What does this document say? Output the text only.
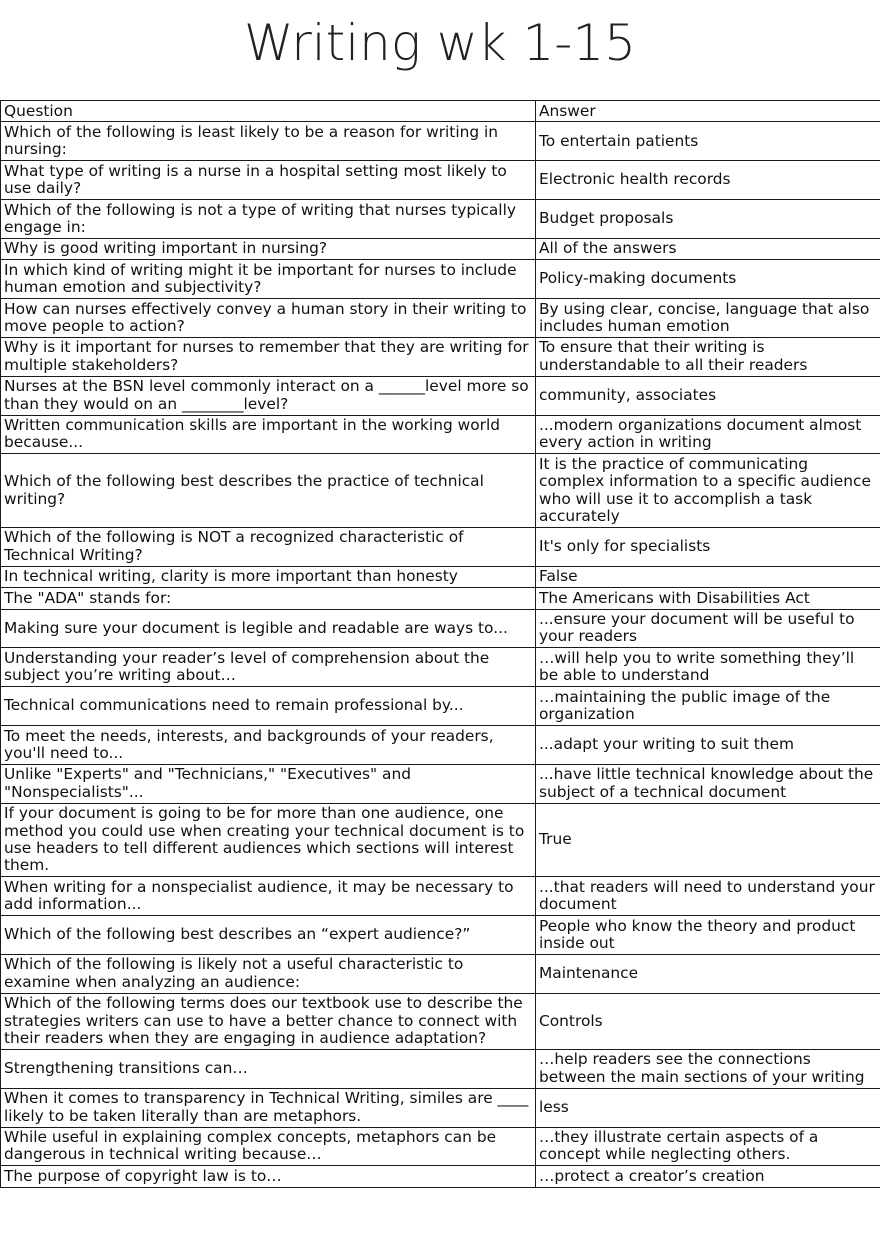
Writing wk 1-15
Question	Answer
Which of the following is least likely to be a reason for writing in nursing:	To entertain patients
What type of writing is a nurse in a hospital setting most likely to use daily?	Electronic health records
Which of the following is not a type of writing that nurses typically engage in:	Budget proposals
Why is good writing important in nursing?	All of the answers
In which kind of writing might it be important for nurses to include human emotion and subjectivity?	Policy-making documents
How can nurses effectively convey a human story in their writing to move people to action?	By using clear, concise, language that also includes human emotion
Why is it important for nurses to remember that they are writing for multiple stakeholders?	To ensure that their writing is understandable to all their readers
Nurses at the BSN level commonly interact on a ______level more so than they would on an ________level?	community, associates
Written communication skills are important in the working world because...	...modern organizations document almost every action in writing
Which of the following best describes the practice of technical writing?	It is the practice of communicating complex information to a specific audience who will use it to accomplish a task accurately
Which of the following is NOT a recognized characteristic of Technical Writing?	It's only for specialists
In technical writing, clarity is more important than honesty	False
The "ADA" stands for:	The Americans with Disabilities Act
Making sure your document is legible and readable are ways to...	...ensure your document will be useful to your readers
Understanding your reader’s level of comprehension about the subject you’re writing about…	…will help you to write something they’ll be able to understand
Technical communications need to remain professional by...	…maintaining the public image of the organization
To meet the needs, interests, and backgrounds of your readers, you'll need to...	...adapt your writing to suit them
Unlike "Experts" and "Technicians," "Executives" and "Nonspecialists"...	...have little technical knowledge about the subject of a technical document
If your document is going to be for more than one audience, one method you could use when creating your technical document is to use headers to tell different audiences which sections will interest them.	True
When writing for a nonspecialist audience, it may be necessary to add information...	...that readers will need to understand your document
Which of the following best describes an “expert audience?”	People who know the theory and product inside out
Which of the following is likely not a useful characteristic to examine when analyzing an audience:	Maintenance
Which of the following terms does our textbook use to describe the strategies writers can use to have a better chance to connect with their readers when they are engaging in audience adaptation?	Controls
Strengthening transitions can…	…help readers see the connections between the main sections of your writing
When it comes to transparency in Technical Writing, similes are ____ likely to be taken literally than are metaphors.	less
While useful in explaining complex concepts, metaphors can be dangerous in technical writing because…	…they illustrate certain aspects of a concept while neglecting others.
The purpose of copyright law is to…	…protect a creator’s creation
